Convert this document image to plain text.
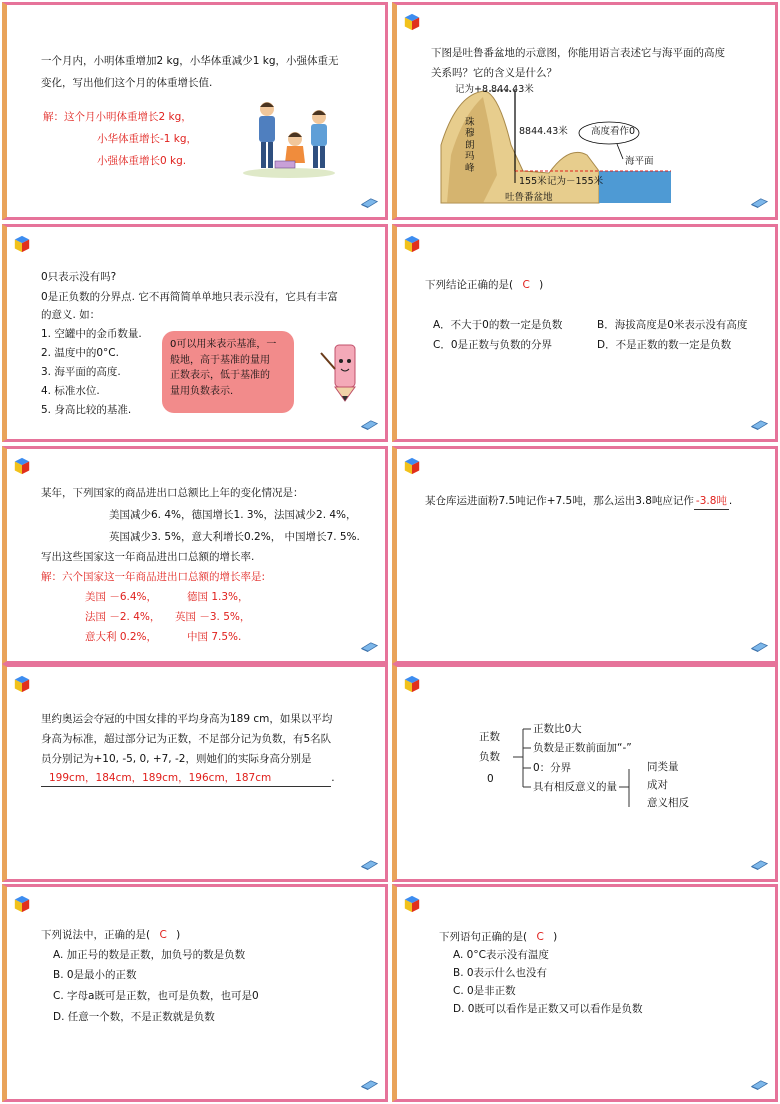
一个月内，小明体重增加2 kg，小华体重减少1 kg，小强体重无
变化，写出他们这个月的体重增长值.
解：这个月小明体重增长2 kg，
小华体重增长-1 kg，
小强体重增长0 kg.
下图是吐鲁番盆地的示意图，你能用语言表述它与海平面的高度
关系吗？它的含义是什么？
记为+8 844.43米
珠穆朗玛峰
8844.43米 高度看作0
海平面
155米 记为－155米
吐鲁番盆地
0只表示没有吗?
0是正负数的分界点. 它不再简简单单地只表示没有，它具有丰富
的意义. 如：
1. 空罐中的金币数量.
2. 温度中的0°C.
3. 海平面的高度.
4. 标准水位.
5. 身高比较的基准.
0可以用来表示基准，一
般地，高于基准的量用
正数表示，低于基准的
量用负数表示.
下列结论正确的是( C )
A．不大于0的数一定是负数	B．海拔高度是0米表示没有高度
C．0是正数与负数的分界	D．不是正数的数一定是负数
某年，下列国家的商品进出口总额比上年的变化情况是：
美国减少6. 4%，德国增长1. 3%，法国减少2. 4%，
英国减少3. 5%，意大利增长0.2%， 中国增长7. 5%.
写出这些国家这一年商品进出口总额的增长率.
解：六个国家这一年商品进出口总额的增长率是:
美国 －6.4%，	德国 1.3%，
法国 －2. 4%， 英国 －3. 5%，
意大利 0.2%，	中国 7.5%.
某仓库运进面粉7.5吨记作+7.5吨，那么运出3.8吨应记作 -3.8吨 .
里约奥运会夺冠的中国女排的平均身高为189 cm，如果以平均
身高为标准，超过部分记为正数，不足部分记为负数，有5名队
员分别记为+10, -5, 0, +7, -2，则她们的实际身高分别是
199cm，184cm，189cm，196cm，187cm	.
正数
负数
0
正数比0大
负数是正数前面加“-”
0：分界
具有相反意义的量
同类量
成对
意义相反
下列说法中，正确的是( C )
A. 加正号的数是正数，加负号的数是负数
B. 0是最小的正数
C. 字母a既可是正数，也可是负数，也可是0
D. 任意一个数，不是正数就是负数
下列语句正确的是( C )
A. 0°C表示没有温度
B. 0表示什么也没有
C. 0是非正数
D. 0既可以看作是正数又可以看作是负数
